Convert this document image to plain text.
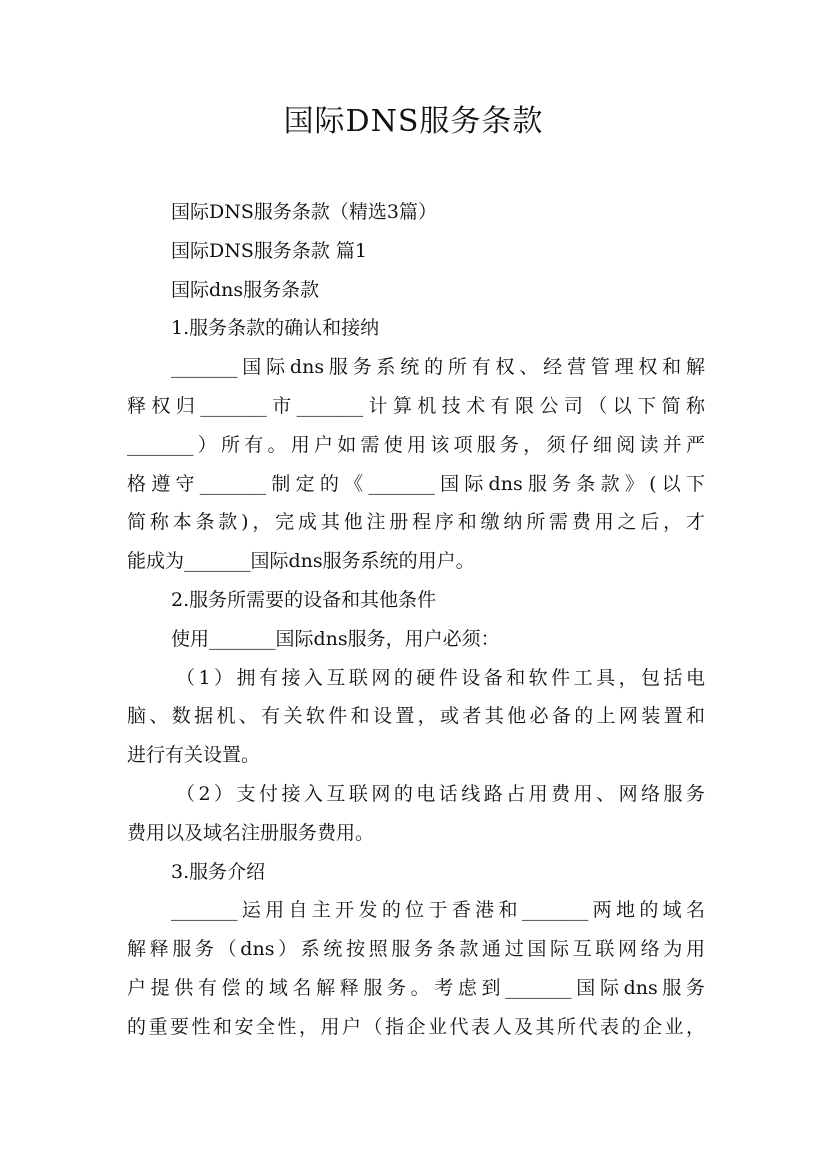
国际DNS服务条款
国际DNS服务条款（精选3篇）
国际DNS服务条款 篇1
国际dns服务条款
1.服务条款的确认和接纳
_______国际dns服务系统的所有权、经营管理权和解
释权归_______市_______计算机技术有限公司（以下简称
_______）所有。用户如需使用该项服务，须仔细阅读并严
格遵守_______制定的《_______国际dns服务条款》(以下
简称本条款)，完成其他注册程序和缴纳所需费用之后，才
能成为_______国际dns服务系统的用户。
2.服务所需要的设备和其他条件
使用_______国际dns服务，用户必须：
（1）拥有接入互联网的硬件设备和软件工具，包括电
脑、数据机、有关软件和设置，或者其他必备的上网装置和
进行有关设置。
（2）支付接入互联网的电话线路占用费用、网络服务
费用以及域名注册服务费用。
3.服务介绍
_______运用自主开发的位于香港和_______两地的域名
解释服务（dns）系统按照服务条款通过国际互联网络为用
户提供有偿的域名解释服务。考虑到_______国际dns服务
的重要性和安全性，用户（指企业代表人及其所代表的企业，
